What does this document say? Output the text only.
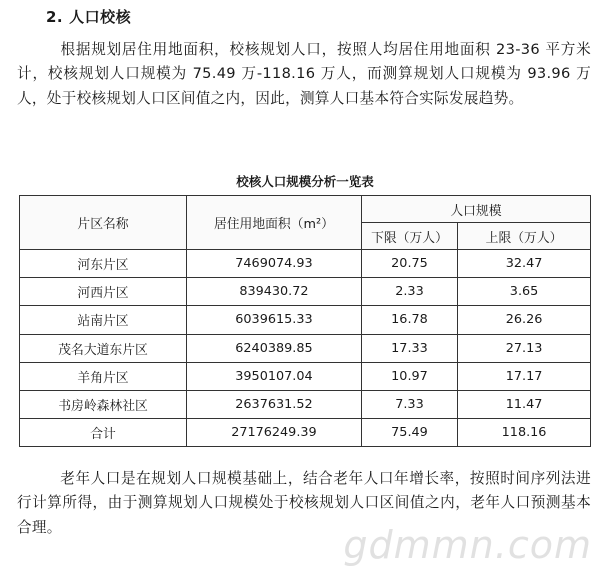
2. 人口校核
根据规划居住用地面积，校核规划人口，按照人均居住用地面积 23-36 平方米计，校核规划人口规模为 75.49 万-118.16 万人，而测算规划人口规模为 93.96 万人，处于校核规划人口区间值之内，因此，测算人口基本符合实际发展趋势。
校核人口规模分析一览表
片区名称	居住用地面积（m²）	人口规模	
		下限（万人）	上限（万人）
河东片区	7469074.93	20.75	32.47
河西片区	839430.72	2.33	3.65
站南片区	6039615.33	16.78	26.26
茂名大道东片区	6240389.85	17.33	27.13
羊角片区	3950107.04	10.97	17.17
书房岭森林社区	2637631.52	7.33	11.47
合计	27176249.39	75.49	118.16
老年人口是在规划人口规模基础上，结合老年人口年增长率，按照时间序列法进行计算所得，由于测算规划人口规模处于校核规划人口区间值之内，老年人口预测基本合理。	gdmmn.com
